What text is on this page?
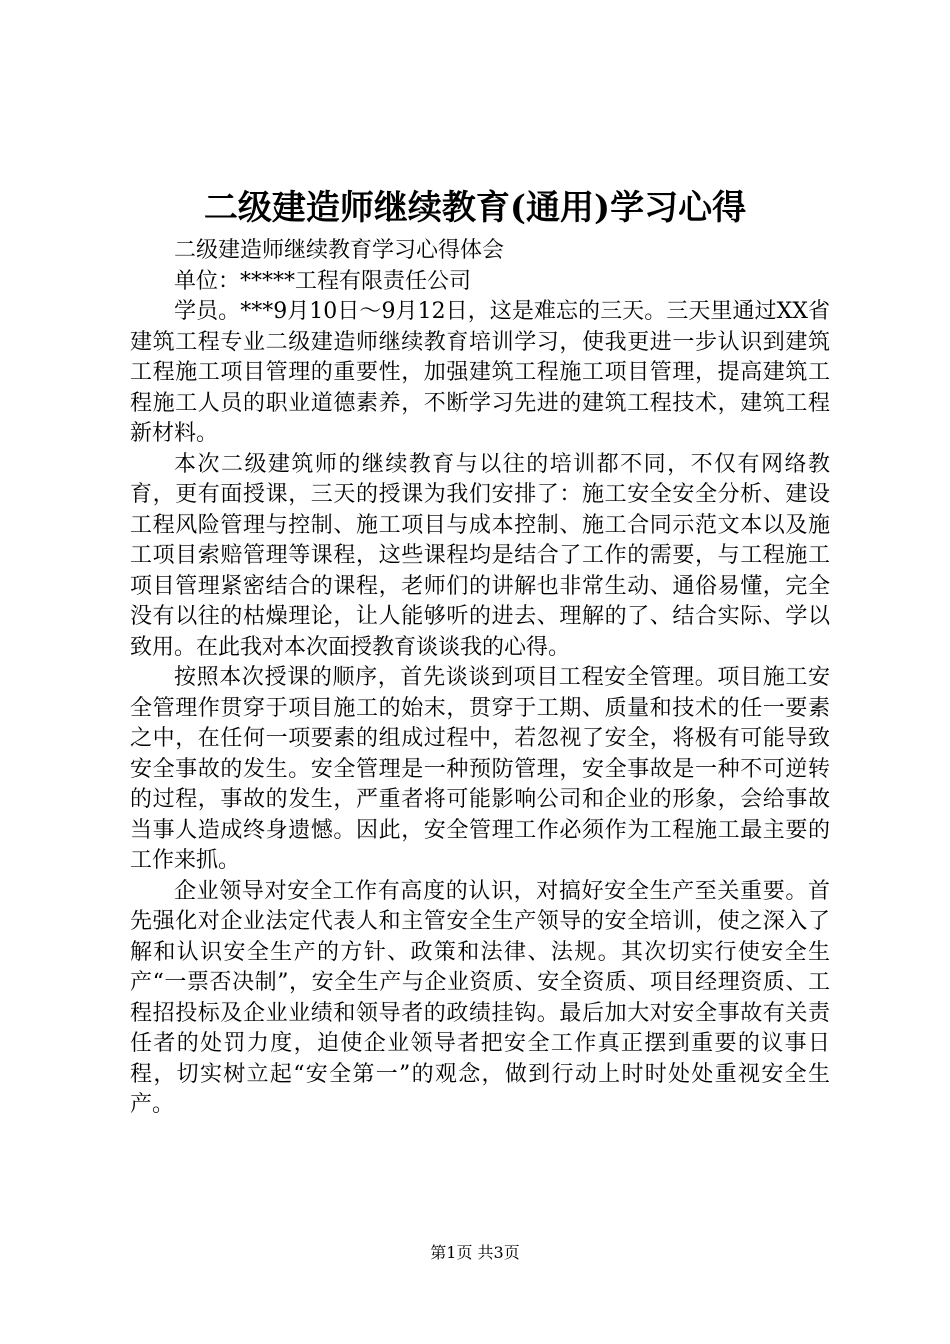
二级建造师继续教育(通用)学习心得

二级建造师继续教育学习心得体会

单位：*****工程有限责任公司

学员。***9月10日～9月12日，这是难忘的三天。三天里通过XX省建筑工程专业二级建造师继续教育培训学习，使我更进一步认识到建筑工程施工项目管理的重要性，加强建筑工程施工项目管理，提高建筑工程施工人员的职业道德素养，不断学习先进的建筑工程技术，建筑工程新材料。

本次二级建筑师的继续教育与以往的培训都不同，不仅有网络教育，更有面授课，三天的授课为我们安排了：施工安全安全分析、建设工程风险管理与控制、施工项目与成本控制、施工合同示范文本以及施工项目索赔管理等课程，这些课程均是结合了工作的需要，与工程施工项目管理紧密结合的课程，老师们的讲解也非常生动、通俗易懂，完全没有以往的枯燥理论，让人能够听的进去、理解的了、结合实际、学以致用。在此我对本次面授教育谈谈我的心得。

按照本次授课的顺序，首先谈谈到项目工程安全管理。项目施工安全管理作贯穿于项目施工的始末，贯穿于工期、质量和技术的任一要素之中，在任何一项要素的组成过程中，若忽视了安全，将极有可能导致安全事故的发生。安全管理是一种预防管理，安全事故是一种不可逆转的过程，事故的发生，严重者将可能影响公司和企业的形象，会给事故当事人造成终身遗憾。因此，安全管理工作必须作为工程施工最主要的工作来抓。

企业领导对安全工作有高度的认识，对搞好安全生产至关重要。首先强化对企业法定代表人和主管安全生产领导的安全培训，使之深入了解和认识安全生产的方针、政策和法律、法规。其次切实行使安全生产“一票否决制”，安全生产与企业资质、安全资质、项目经理资质、工程招投标及企业业绩和领导者的政绩挂钩。最后加大对安全事故有关责任者的处罚力度，迫使企业领导者把安全工作真正摆到重要的议事日程，切实树立起“安全第一”的观念，做到行动上时时处处重视安全生产。

第1页 共3页
